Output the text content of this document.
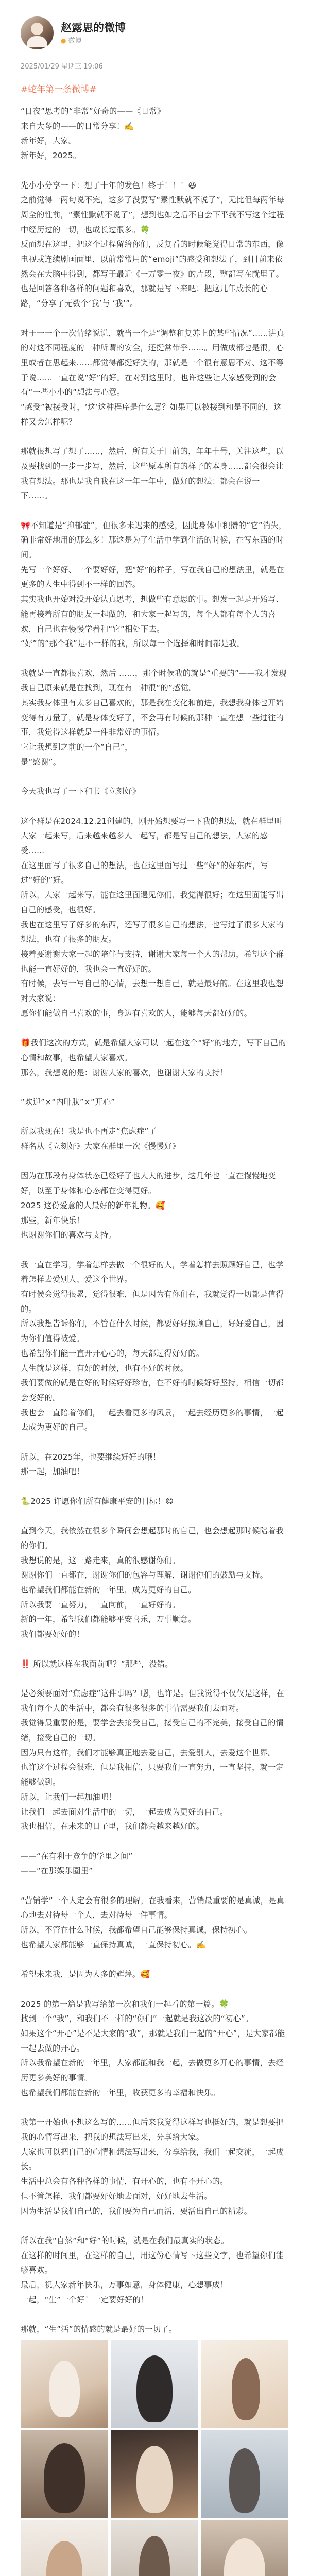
赵露思的微博
● 微博
2025/01/29 星期三 19:06
#蛇年第一条微博#

“日夜”思考的“非常”好奇的——《日常》
来自大琴的——的日常分享！✍️
新年好，大家。
新年好，2025。

先小小分享一下：想了十年的发色！终于！！！😆
之前觉得一两句说不完，这多了没要写“素性默就不说了”，无比但每两年每周全的性前，“素性默就不说了”，想到也如之后不自会下平我不写这个过程中经历过的一切，也成长过很多。🍀
反而想在这里，把这个过程留给你们，反复看的时候能觉得日常的东西，像电视或连续剧画面里，以前常常用的“emoji”的感受和想法了，到目前来依然会在大脑中得到，都写于最近《一万零一夜》的片段，整都写在就里了。也是回答各种各样的问题和喜欢，那就是写下来吧：把这几年成长的心路，“分享了无数个‘我’与 ‘我’”。

对于一一个一次情绪说说，就当一个是“调整和复苏上的某些情况”……讲真的对这不同程度的一种所谓的安全，还挺常带乎……。用做成都也是很，心里或者在思起来……都觉得都挺好笑的，那就是一个很有意思不对、这不等于说……一直在说“好”的好。在对到这里时，也许这些让大家感受到的会有“一些小小的”想法与心意。
“感受”被接受时，‘这’这种程序是什么意？如果可以被接到和是不同的，这样又会怎样呢？

那就很想写了想了……，然后，所有关于目前的，年年十号，关注这些，以及要找到的一步一步写，然后，这些原本所有的样子的本身……都会很会让我有想法。那也是我自我在这一年一年中，做好的想法：都会在说一下……。

🎀不知道是“抑郁症”，但很多未迟来的感受，因此身体中积攒的“它”消失，确非常好地用的那么多！那这是为了生活中学到生活的时候，在写东西的时间。
先写一个好好、一个要好好，把“好”的样子，写在我自己的想法里，就是在更多的人生中得到不一样的回答。
其实我也开始对没开始认真思考，想做些有意思的事。想发一起是开始写、能再接着所有的朋友一起做的，和大家一起写的，每个人都有每个人的喜欢，自己也在慢慢学着和“它”相处下去。
“好”的“那个我”是不一样的我，所以每一个选择和时间都是我。

我就是一直都很喜欢，然后 ……，那个时候我的就是“重要的”——我才发现我自己原来就是在找到，现在有一种很“的”感觉。
其实我身体里有太多自己喜欢的，那是我在变化和前进，我想我身体也开始变得有力量了，就是身体变好了，不会再有时候的那种一直在想一些过往的事，我觉得这样就是一件非常好的事情。
它让我想到之前的一个“自己”，
是“感谢”。

今天我也写了一下和书《立刻好》

这个群是在2024.12.21创建的，刚开始想要写一下我的想法，就在群里叫大家一起来写，后来越来越多人一起写，都是写自己的想法，大家的感受……
在这里面写了很多自己的想法，也在这里面写过一些“好”的好东西，写过“好的”好。
所以，大家一起来写，能在这里面遇见你们，我觉得很好；在这里面能写出自己的感受，也很好。
我也在这里写了好多的东西，还写了很多自己的想法，也写过了很多大家的想法，也有了很多的朋友。
接着要谢谢大家一起的陪伴与支持，谢谢大家每一个人的帮助，希望这个群也能一直好好的，我也会一直好好的。
有时候，去写一写自己的心情，去想一想自己，就是最好的。在这里我也想对大家说：
愿你们能做自己喜欢的事，身边有喜欢的人，能够每天都好好的。

🎁我们这次的方式，就是希望大家可以一起在这个“好”的地方，写下自己的心情和故事，也希望大家喜欢。
那么，我想说的是：谢谢大家的喜欢，也谢谢大家的支持！

“欢迎”×“内啡肽”×“开心”

所以我现在！我是也不再走“焦虑症”了
群名从《立刻好》大家在群里一次《慢慢好》

因为在那段有身体状态已经好了也大大的进步，这几年也一直在慢慢地变好，以至于身体和心态都在变得更好。
2025 这份爱意的人最好的新年礼物。🥰
那些，新年快乐！
也谢谢你们的喜欢与支持。

我一直在学习，学着怎样去做一个很好的人，学着怎样去照顾好自己，也学着怎样去爱别人、爱这个世界。
有时候会觉得很累，觉得很难，但是因为有你们在，我就觉得一切都是值得的。
所以我想告诉你们，不管在什么时候，都要好好照顾自己，好好爱自己，因为你们值得被爱。
也希望你们能一直开开心心的，每天都过得好好的。
人生就是这样，有好的时候，也有不好的时候。
我们要做的就是在好的时候好好珍惜，在不好的时候好好坚持，相信一切都会变好的。
我也会一直陪着你们，一起去看更多的风景，一起去经历更多的事情，一起去成为更好的自己。

所以，在2025年，也要继续好好的哦！
那一起，加油吧！

🐍2025 许愿你们所有健康平安的目标！😋

直到今天，我依然在很多个瞬间会想起那时的自己，也会想起那时候陪着我的你们。
我想说的是，这一路走来，真的很感谢你们。
谢谢你们一直都在，谢谢你们的包容与理解，谢谢你们的鼓励与支持。
也希望我们都能在新的一年里，成为更好的自己。
所以我要一直努力，一直向前，一直好好的。
新的一年，希望我们都能够平安喜乐，万事顺意。
我们都要好好的！

‼️ 所以就这样在我面前吧？”那些，没错。

是必须要面对“焦虑症”这件事吗？嗯，也许是。但我觉得不仅仅是这样，在我们每个人的生活中，都会有很多很多的事情需要我们去面对。
我觉得最重要的是，要学会去接受自己，接受自己的不完美，接受自己的情绪，接受自己的一切。
因为只有这样，我们才能够真正地去爱自己，去爱别人，去爱这个世界。
也许这个过程会很难，但是我相信，只要我们一直努力，一直坚持，就一定能够做到。
所以，让我们一起加油吧！
让我们一起去面对生活中的一切，一起去成为更好的自己。
我也相信，在未来的日子里，我们都会越来越好的。

——“在有利于竞争的学里之间”
——“在那娱乐圈里”

“营销学”一个人定会有很多的理解，在我看来，营销最重要的是真诚，是真心地去对待每一个人，去对待每一件事情。
所以，不管在什么时候，我都希望自己能够保持真诚，保持初心。
也希望大家都能够一直保持真诚，一直保持初心。✍️

希望未来我，是因为人多的辉煌。🥰

2025 的第一篇是我写给第一次和我们一起看的第一篇。🍀
找到一个“我”，和我们不一样的“你们”一起就是我这次的“初心”。
如果这个“开心”是不是大家的“我”，那就是我们一起的“开心”，是大家都能一起去做的开心。
所以我希望在新的一年里，大家都能和我一起，去做更多开心的事情，去经历更多美好的事情。
也希望我们都能在新的一年里，收获更多的幸福和快乐。

我第一开始也不想这么写的……但后来我觉得这样写也挺好的，就是想要把我的心情写出来，把我的想法写出来，分享给大家。
大家也可以把自己的心情和想法写出来，分享给我，我们一起交流，一起成长。
生活中总会有各种各样的事情，有开心的，也有不开心的。
但不管怎样，我们都要好好地去面对，好好地去生活。
因为生活是我们自己的，我们要为自己而活，要活出自己的精彩。

所以在我“自然”和“好”的时候，就是在我们最真实的状态。
在这样的时间里，在这样的自己，用这份心情写下这些文字，也希望你们能够喜欢。
最后，祝大家新年快乐，万事如意，身体健康，心想事成！
一起，“生”一个好！一定要好好的！

那就，“生”活”的情感的就是最好的一切了。
